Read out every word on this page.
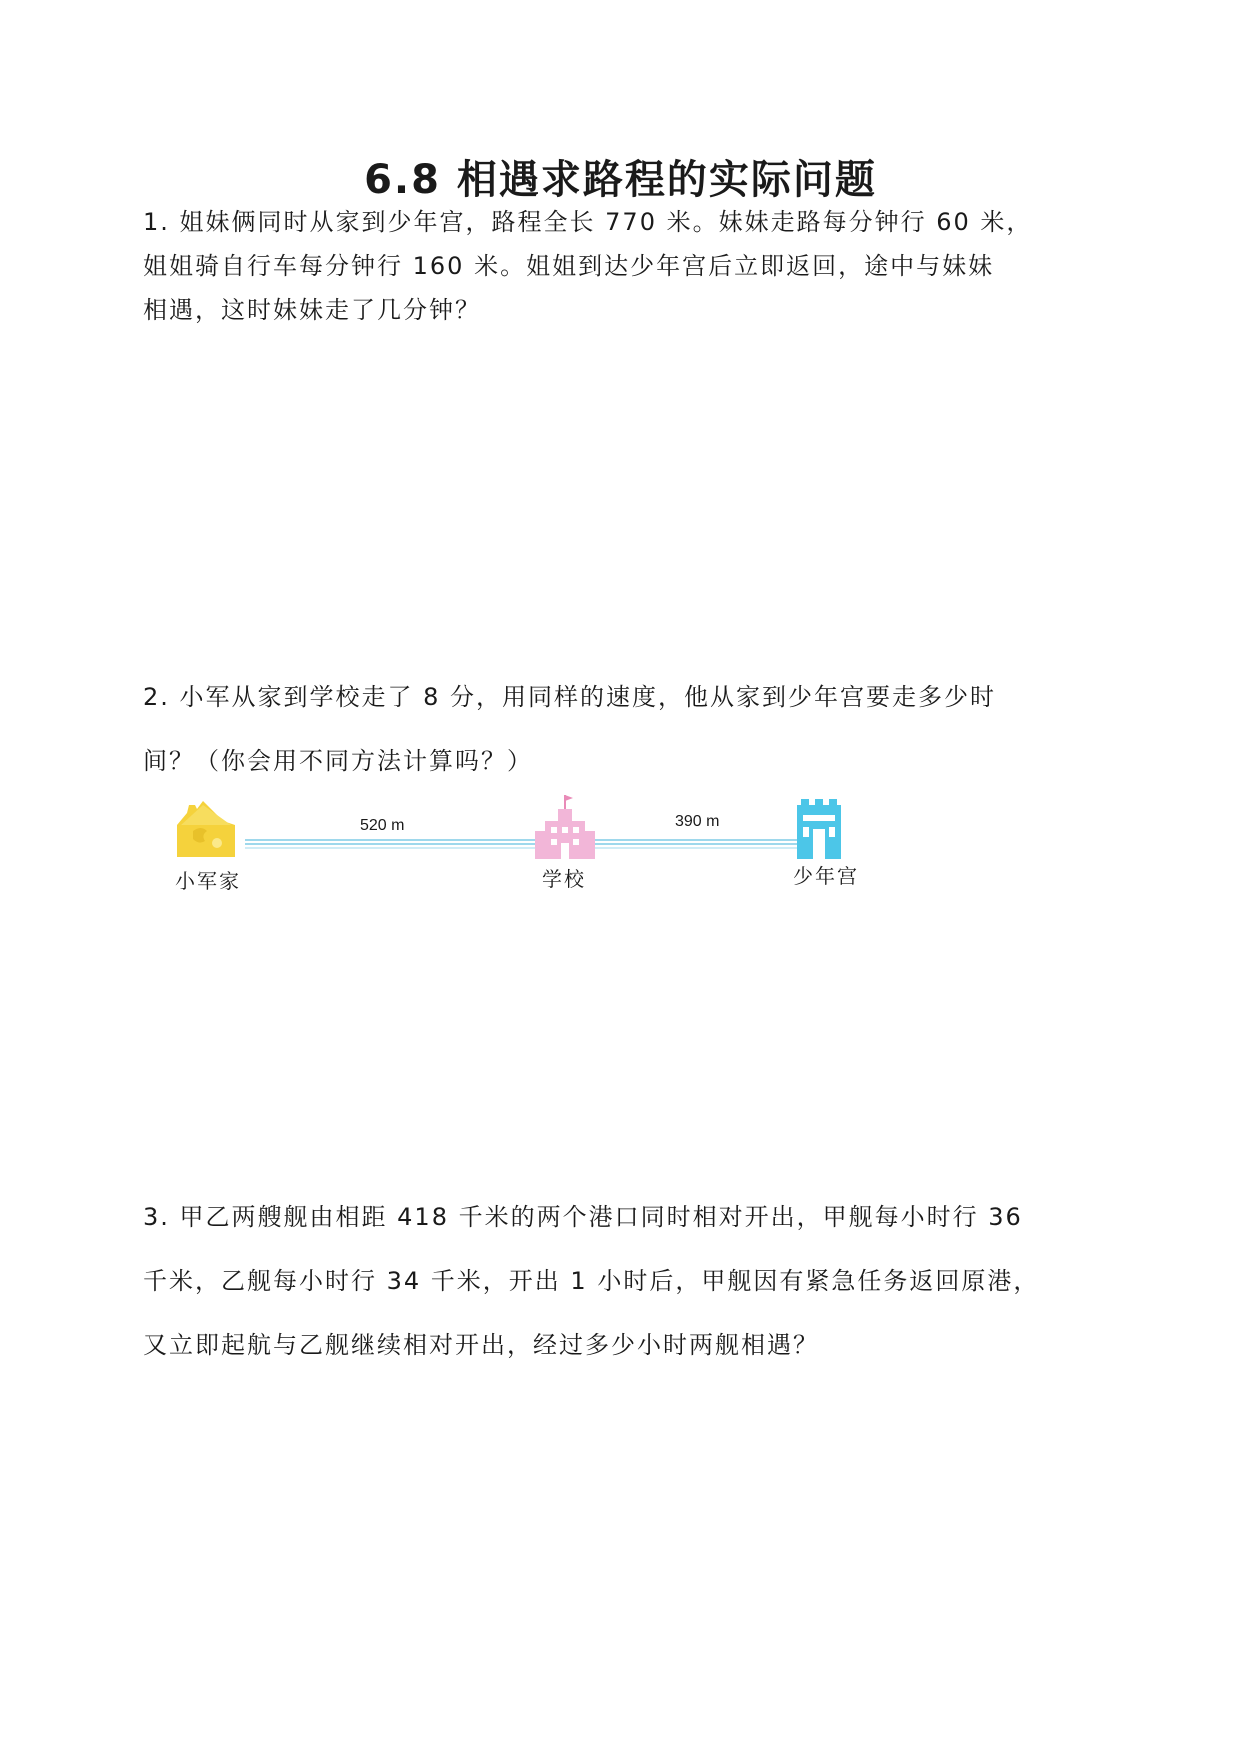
6.8 相遇求路程的实际问题
1. 姐妹俩同时从家到少年宫，路程全长 770 米。妹妹走路每分钟行 60 米，
姐姐骑自行车每分钟行 160 米。姐姐到达少年宫后立即返回，途中与妹妹
相遇，这时妹妹走了几分钟？
2. 小军从家到学校走了 8 分，用同样的速度，他从家到少年宫要走多少时
间？（你会用不同方法计算吗？）
520 m	390 m
小军家	学校	少年宫
3. 甲乙两艘舰由相距 418 千米的两个港口同时相对开出，甲舰每小时行 36
千米，乙舰每小时行 34 千米，开出 1 小时后，甲舰因有紧急任务返回原港，
又立即起航与乙舰继续相对开出，经过多少小时两舰相遇？
